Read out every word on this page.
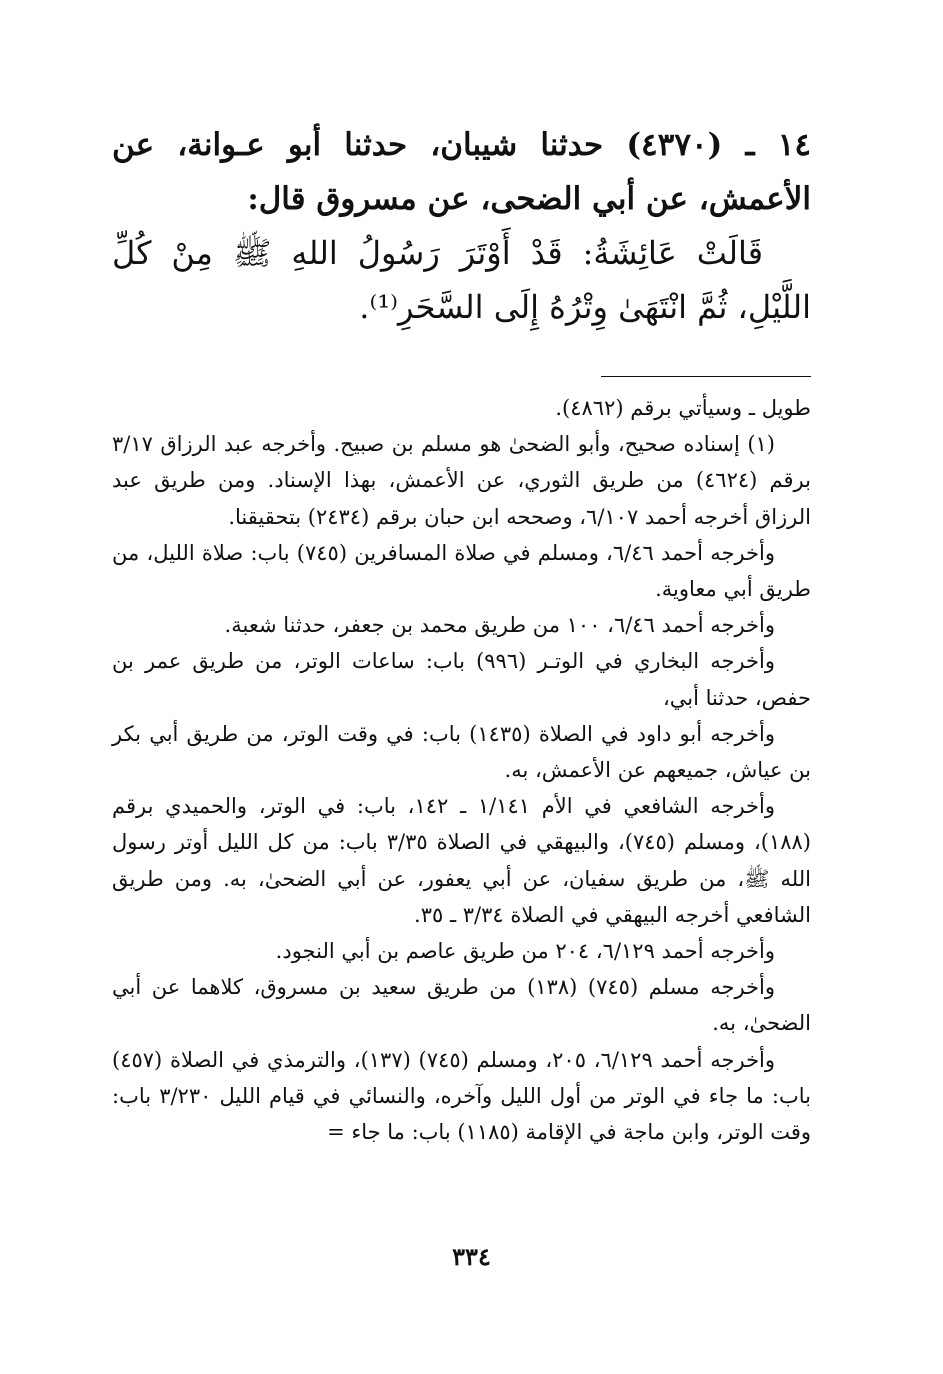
١٤ ـ (٤٣٧٠) حدثنا شيبان، حدثنا أبو عـوانة، عن الأعمش، عن أبي الضحى، عن مسروق قال:

قَالَتْ عَائِشَةُ: قَدْ أَوْتَرَ رَسُولُ اللهِ ﷺ مِنْ كُلِّ اللَّيْلِ، ثُمَّ انْتَهَىٰ وِتْرُهُ إِلَى السَّحَرِ⁽¹⁾.

طويل ـ وسيأتي برقم (٤٨٦٢).

(١) إسناده صحيح، وأبو الضحىٰ هو مسلم بن صبيح. وأخرجه عبد الرزاق ٣/١٧ برقم (٤٦٢٤) من طريق الثوري، عن الأعمش، بهذا الإسناد. ومن طريق عبد الرزاق أخرجه أحمد ٦/١٠٧، وصححه ابن حبان برقم (٢٤٣٤) بتحقيقنا.

وأخرجه أحمد ٦/٤٦، ومسلم في صلاة المسافرين (٧٤٥) باب: صلاة الليل، من طريق أبي معاوية.

وأخرجه أحمد ٦/٤٦، ١٠٠ من طريق محمد بن جعفر، حدثنا شعبة.

وأخرجه البخاري في الوتـر (٩٩٦) باب: ساعات الوتر، من طريق عمر بن حفص، حدثنا أبي،

وأخرجه أبو داود في الصلاة (١٤٣٥) باب: في وقت الوتر، من طريق أبي بكر بن عياش، جميعهم عن الأعمش، به.

وأخرجه الشافعي في الأم ١/١٤١ ـ ١٤٢، باب: في الوتر، والحميدي برقم (١٨٨)، ومسلم (٧٤٥)، والبيهقي في الصلاة ٣/٣٥ باب: من كل الليل أوتر رسول الله ﷺ، من طريق سفيان، عن أبي يعفور، عن أبي الضحىٰ، به. ومن طريق الشافعي أخرجه البيهقي في الصلاة ٣/٣٤ ـ ٣٥.

وأخرجه أحمد ٦/١٢٩، ٢٠٤ من طريق عاصم بن أبي النجود.

وأخرجه مسلم (٧٤٥) (١٣٨) من طريق سعيد بن مسروق، كلاهما عن أبي الضحىٰ، به.

وأخرجه أحمد ٦/١٢٩، ٢٠٥، ومسلم (٧٤٥) (١٣٧)، والترمذي في الصلاة (٤٥٧) باب: ما جاء في الوتر من أول الليل وآخره، والنسائي في قيام الليل ٣/٢٣٠ باب: وقت الوتر، وابن ماجة في الإقامة (١١٨٥) باب: ما جاء =

٣٣٤
